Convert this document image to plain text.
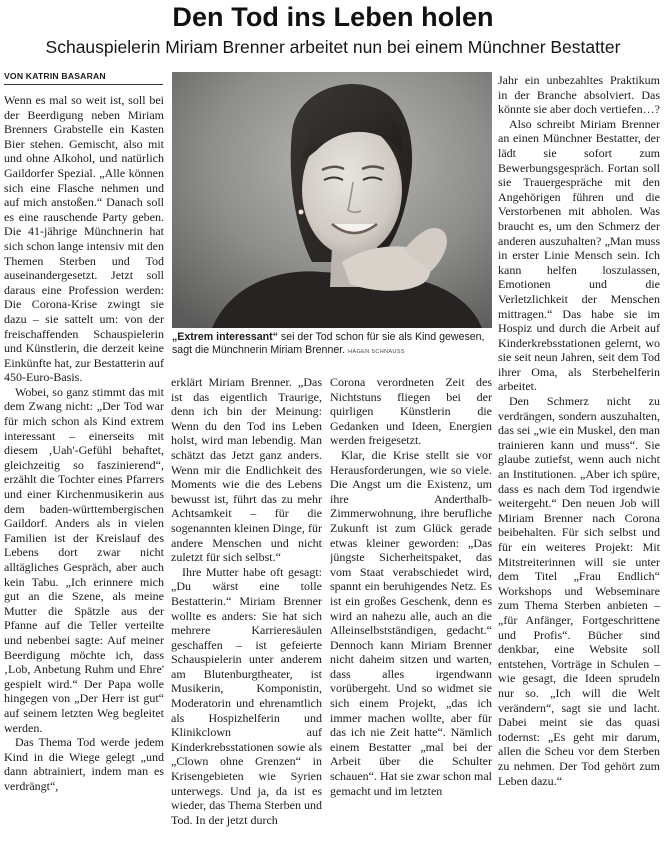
Den Tod ins Leben holen
Schauspielerin Miriam Brenner arbeitet nun bei einem Münchner Bestatter
VON KATRIN BASARAN

Wenn es mal so weit ist, soll bei der Beerdigung neben Miriam Brenners Grabstelle ein Kasten Bier stehen. Gemischt, also mit und ohne Alkohol, und natürlich Gaildorfer Spezial. „Alle können sich eine Flasche nehmen und auf mich anstoßen.“ Danach soll es eine rauschende Party geben. Die 41-jährige Münchnerin hat sich schon lange intensiv mit den Themen Sterben und Tod auseinandergesetzt. Jetzt soll daraus eine Profession werden: Die Corona-Krise zwingt sie dazu – sie sattelt um: von der freischaffenden Schauspielerin und Künstlerin, die derzeit keine Einkünfte hat, zur Bestatterin auf 450-Euro-Basis.

Wobei, so ganz stimmt das mit dem Zwang nicht: „Der Tod war für mich schon als Kind extrem interessant – einerseits mit diesem ‚Uah'-Gefühl behaftet, gleichzeitig so faszinierend“, erzählt die Tochter eines Pfarrers und einer Kirchenmusikerin aus dem baden-württembergischen Gaildorf. Anders als in vielen Familien ist der Kreislauf des Lebens dort zwar nicht alltägliches Gespräch, aber auch kein Tabu. „Ich erinnere mich gut an die Szene, als meine Mutter die Spätzle aus der Pfanne auf die Teller verteilte und nebenbei sagte: Auf meiner Beerdigung möchte ich, dass ‚Lob, Anbetung Ruhm und Ehre' gespielt wird.“ Der Papa wolle hingegen von „Der Herr ist gut“ auf seinem letzten Weg begleitet werden.

Das Thema Tod werde jedem Kind in die Wiege gelegt „und dann abtrainiert, indem man es verdrängt“,

„Extrem interessant“ sei der Tod schon für sie als Kind gewesen, sagt die Münchnerin Miriam Brenner. HAGEN SCHNAUSS

erklärt Miriam Brenner. „Das ist das eigentlich Traurige, denn ich bin der Meinung: Wenn du den Tod ins Leben holst, wird man lebendig. Man schätzt das Jetzt ganz anders. Wenn mir die Endlichkeit des Moments wie die des Lebens bewusst ist, führt das zu mehr Achtsamkeit – für die sogenannten kleinen Dinge, für andere Menschen und nicht zuletzt für sich selbst.“

Ihre Mutter habe oft gesagt: „Du wärst eine tolle Bestatterin.“ Miriam Brenner wollte es anders: Sie hat sich mehrere Karrieresäulen geschaffen – ist gefeierte Schauspielerin unter anderem am Blutenburgtheater, ist Musikerin, Komponistin, Moderatorin und ehrenamtlich als Hospizhelferin und Klinikclown auf Kinderkrebsstationen sowie als „Clown ohne Grenzen“ in Krisengebieten wie Syrien unterwegs. Und ja, da ist es wieder, das Thema Sterben und Tod. In der jetzt durch

Corona verordneten Zeit des Nichtstuns fliegen bei der quirligen Künstlerin die Gedanken und Ideen, Energien werden freigesetzt.

Klar, die Krise stellt sie vor Herausforderungen, wie so viele. Die Angst um die Existenz, um ihre Anderthalb-Zimmerwohnung, ihre berufliche Zukunft ist zum Glück gerade etwas kleiner geworden: „Das jüngste Sicherheitspaket, das vom Staat verabschiedet wird, spannt ein beruhigendes Netz. Es ist ein großes Geschenk, denn es wird an nahezu alle, auch an die Alleinselbstständigen, gedacht.“ Dennoch kann Miriam Brenner nicht daheim sitzen und warten, dass alles irgendwann vorübergeht. Und so widmet sie sich einem Projekt, „das ich immer machen wollte, aber für das ich nie Zeit hatte“. Nämlich einem Bestatter „mal bei der Arbeit über die Schulter schauen“. Hat sie zwar schon mal gemacht und im letzten

Jahr ein unbezahltes Praktikum in der Branche absolviert. Das könnte sie aber doch vertiefen…?

Also schreibt Miriam Brenner an einen Münchner Bestatter, der lädt sie sofort zum Bewerbungsgespräch. Fortan soll sie Trauergespräche mit den Angehörigen führen und die Verstorbenen mit abholen. Was braucht es, um den Schmerz der anderen auszuhalten? „Man muss in erster Linie Mensch sein. Ich kann helfen loszulassen, Emotionen und die Verletzlichkeit der Menschen mittragen.“ Das habe sie im Hospiz und durch die Arbeit auf Kinderkrebsstationen gelernt, wo sie seit neun Jahren, seit dem Tod ihrer Oma, als Sterbehelferin arbeitet.

Den Schmerz nicht zu verdrängen, sondern auszuhalten, das sei „wie ein Muskel, den man trainieren kann und muss“. Sie glaube zutiefst, wenn auch nicht an Institutionen. „Aber ich spüre, dass es nach dem Tod irgendwie weitergeht.“ Den neuen Job will Miriam Brenner nach Corona beibehalten. Für sich selbst und für ein weiteres Projekt: Mit Mitstreiterinnen will sie unter dem Titel „Frau Endlich“ Workshops und Webseminare zum Thema Sterben anbieten – „für Anfänger, Fortgeschrittene und Profis“. Bücher sind denkbar, eine Website soll entstehen, Vorträge in Schulen – wie gesagt, die Ideen sprudeln nur so. „Ich will die Welt verändern“, sagt sie und lacht. Dabei meint sie das quasi todernst: „Es geht mir darum, allen die Scheu vor dem Sterben zu nehmen. Der Tod gehört zum Leben dazu.“
